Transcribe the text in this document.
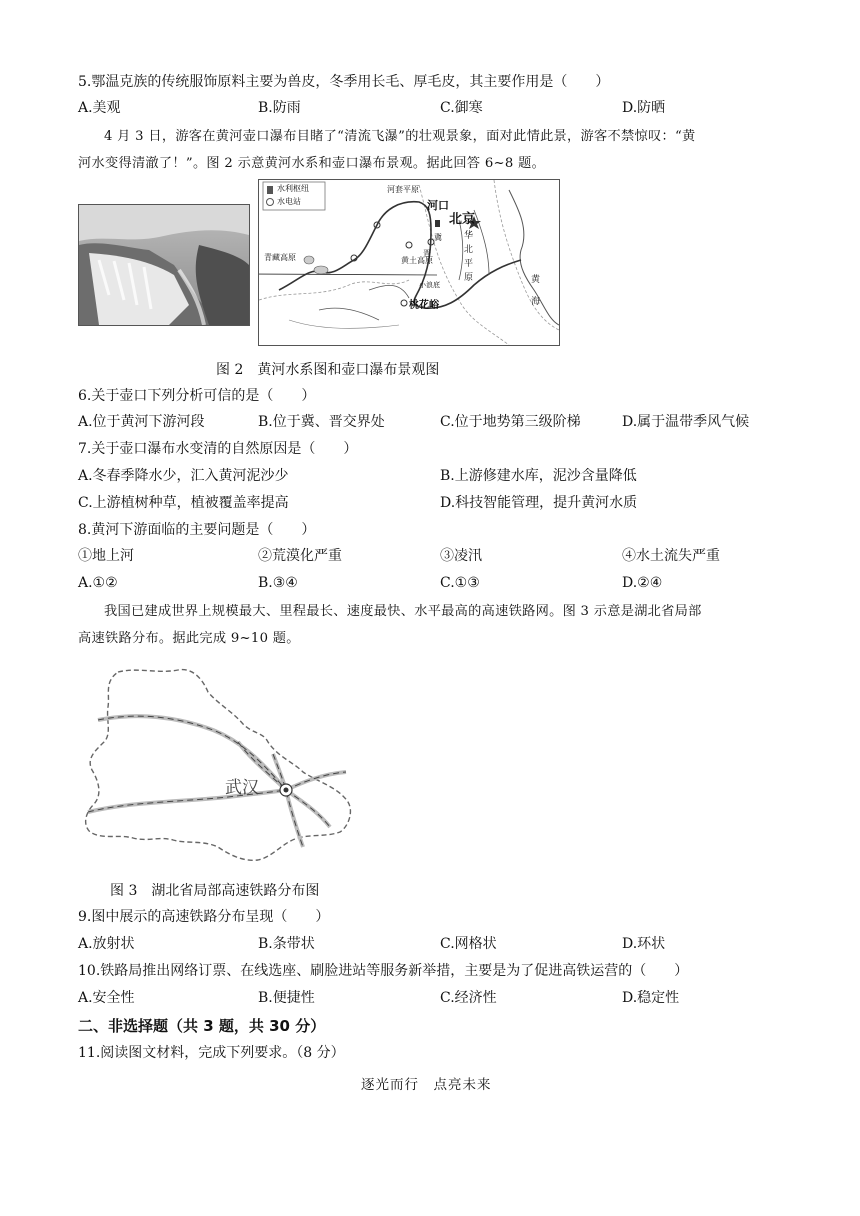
5.鄂温克族的传统服饰原料主要为兽皮，冬季用长毛、厚毛皮，其主要作用是（　　）
A.美观	B.防雨	C.御寒	D.防晒
4 月 3 日，游客在黄河壶口瀑布目睹了“清流飞瀑”的壮观景象，面对此情此景，游客不禁惊叹：“黄
河水变得清澈了！”。图 2 示意黄河水系和壶口瀑布景观。据此回答 6~8 题。
水利枢纽
水电站
河套平原
河口
北京
青藏高原	黄土高原
小浪底
桃花峪
冀
晋
华
北
平
原	黄
海
图 2　黄河水系图和壶口瀑布景观图
6.关于壶口下列分析可信的是（　　）
A.位于黄河下游河段	B.位于冀、晋交界处	C.位于地势第三级阶梯	D.属于温带季风气候
7.关于壶口瀑布水变清的自然原因是（　　）
A.冬春季降水少，汇入黄河泥沙少	B.上游修建水库，泥沙含量降低
C.上游植树种草，植被覆盖率提高	D.科技智能管理，提升黄河水质
8.黄河下游面临的主要问题是（　　）
①地上河	②荒漠化严重	③凌汛	④水土流失严重
A.①②	B.③④	C.①③	D.②④
我国已建成世界上规模最大、里程最长、速度最快、水平最高的高速铁路网。图 3 示意是湖北省局部
高速铁路分布。据此完成 9~10 题。
武汉
图 3　湖北省局部高速铁路分布图
9.图中展示的高速铁路分布呈现（　　）
A.放射状	B.条带状	C.网格状	D.环状
10.铁路局推出网络订票、在线选座、刷脸进站等服务新举措，主要是为了促进高铁运营的（　　）
A.安全性	B.便捷性	C.经济性	D.稳定性
二、非选择题（共 3 题，共 30 分）
11.阅读图文材料，完成下列要求。（8 分）
逐光而行　点亮未来
